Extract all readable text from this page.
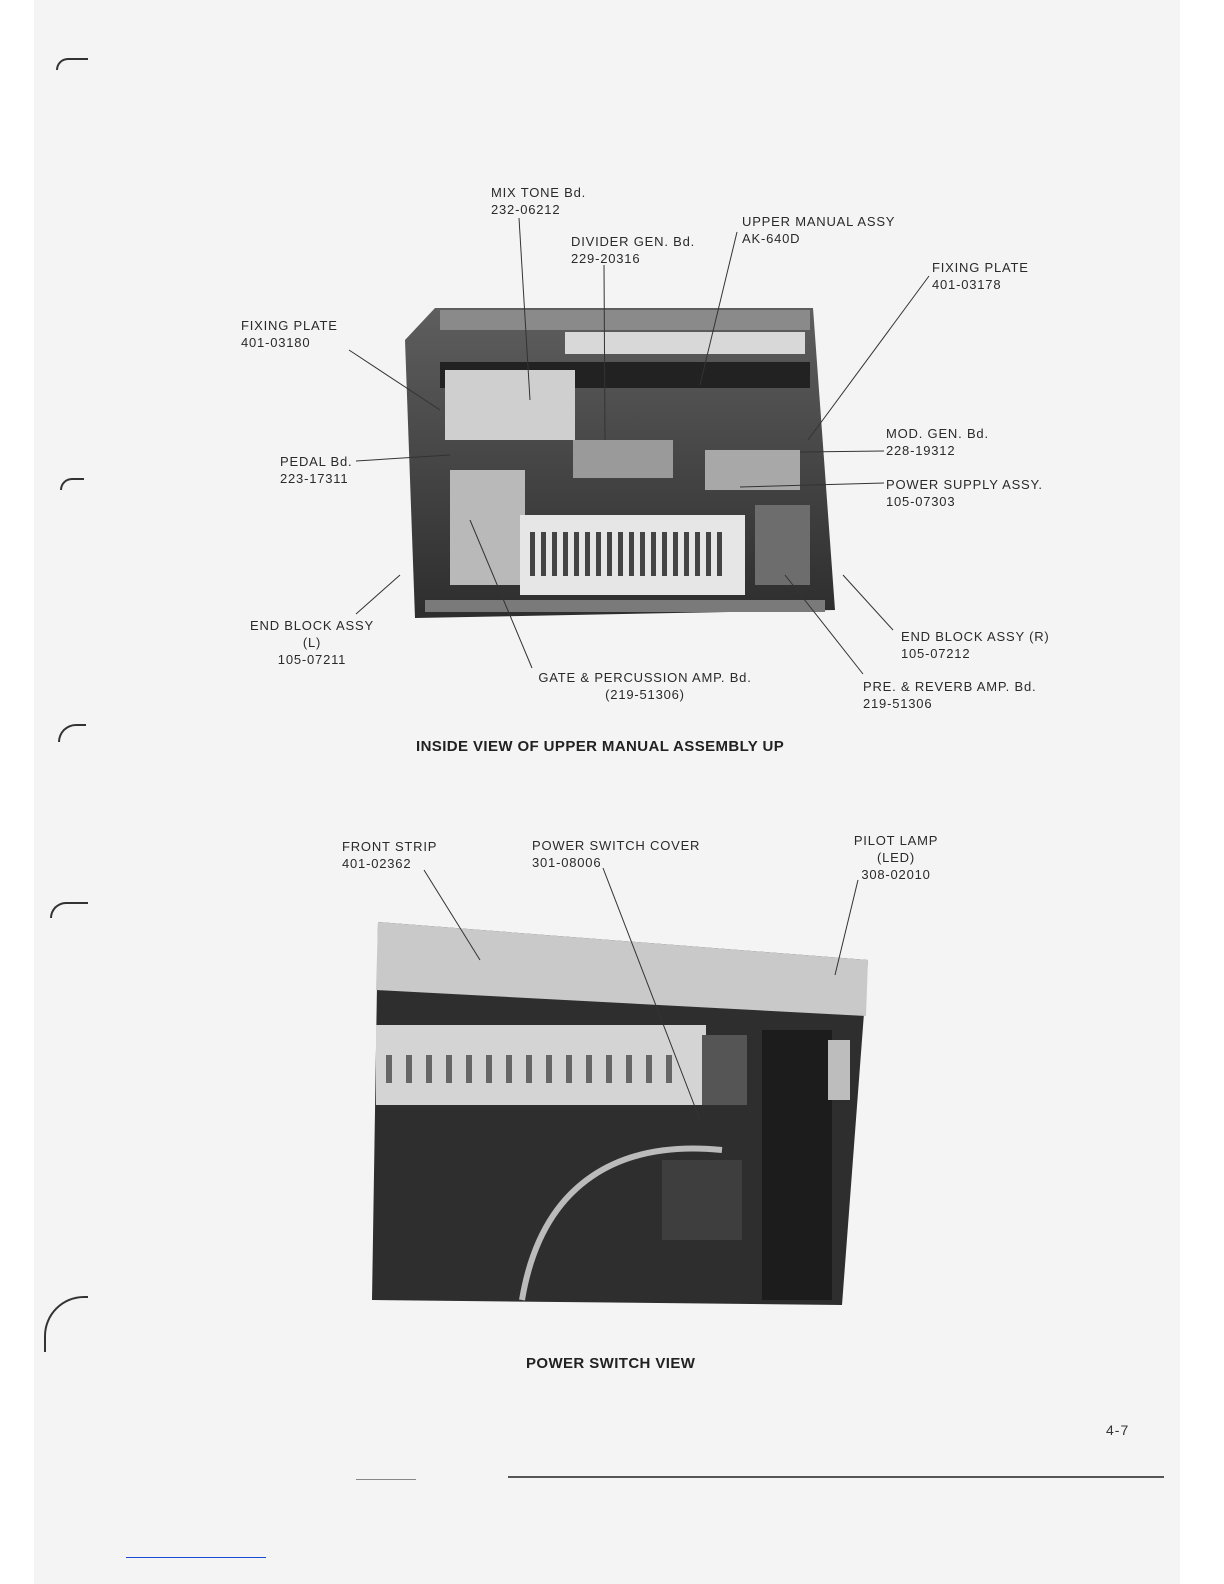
MIX TONE Bd.
232-06212
DIVIDER GEN. Bd.
229-20316
UPPER MANUAL ASSY
AK-640D
FIXING PLATE
401-03178
FIXING PLATE
401-03180
PEDAL Bd.
223-17311
MOD. GEN. Bd.
228-19312
POWER SUPPLY ASSY.
105-07303
END BLOCK ASSY
(L)
105-07211
END BLOCK ASSY (R)
105-07212
GATE & PERCUSSION AMP. Bd.
(219-51306)
PRE. & REVERB AMP. Bd.
219-51306
INSIDE VIEW OF UPPER MANUAL ASSEMBLY UP
FRONT STRIP
401-02362
POWER SWITCH COVER
301-08006
PILOT LAMP
(LED)
308-02010
POWER SWITCH VIEW
4-7
